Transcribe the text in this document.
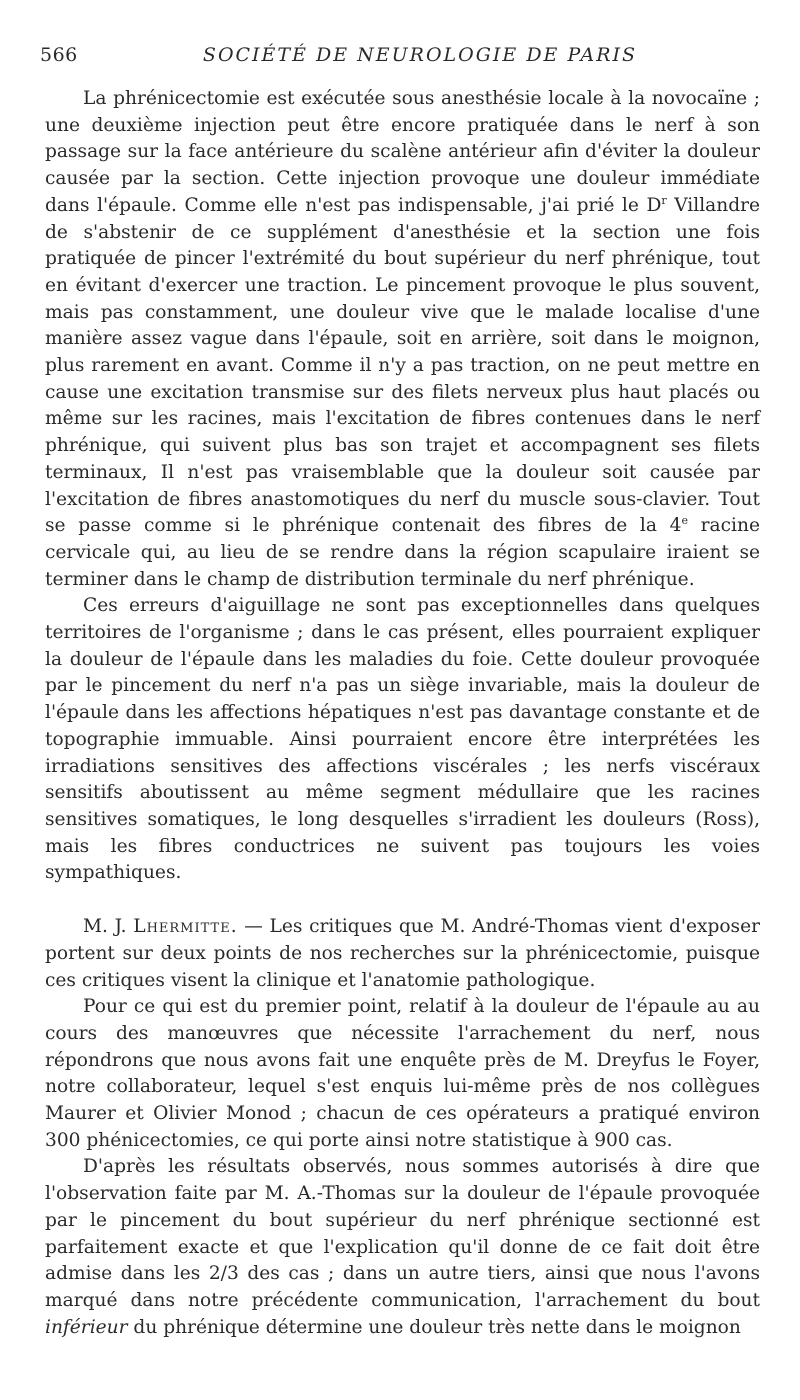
566	SOCIÉTÉ DE NEUROLOGIE DE PARIS

La phrénicectomie est exécutée sous anesthésie locale à la novocaïne ; une deuxième injection peut être encore pratiquée dans le nerf à son passage sur la face antérieure du scalène antérieur afin d'éviter la douleur causée par la section. Cette injection provoque une douleur immédiate dans l'épaule. Comme elle n'est pas indispensable, j'ai prié le $D^r$ Villandre de s'abstenir de ce supplément d'anesthésie et la section une fois pratiquée de pincer l'extrémité du bout supérieur du nerf phrénique, tout en évitant d'exercer une traction. Le pincement provoque le plus souvent, mais pas constamment, une douleur vive que le malade localise d'une manière assez vague dans l'épaule, soit en arrière, soit dans le moignon, plus rarement en avant. Comme il n'y a pas traction, on ne peut mettre en cause une excitation transmise sur des filets nerveux plus haut placés ou même sur les racines, mais l'excitation de fibres contenues dans le nerf phrénique, qui suivent plus bas son trajet et accompagnent ses filets terminaux, Il n'est pas vraisemblable que la douleur soit causée par l'excitation de fibres anastomotiques du nerf du muscle sous-clavier. Tout se passe comme si le phrénique contenait des fibres de la 4e racine cervicale qui, au lieu de se rendre dans la région scapulaire iraient se terminer dans le champ de distribution terminale du nerf phrénique.

Ces erreurs d'aiguillage ne sont pas exceptionnelles dans quelques territoires de l'organisme ; dans le cas présent, elles pourraient expliquer la douleur de l'épaule dans les maladies du foie. Cette douleur provoquée par le pincement du nerf n'a pas un siège invariable, mais la douleur de l'épaule dans les affections hépatiques n'est pas davantage constante et de topographie immuable. Ainsi pourraient encore être interprétées les irradiations sensitives des affections viscérales ; les nerfs viscéraux sensitifs aboutissent au même segment médullaire que les racines sensitives somatiques, le long desquelles s'irradient les douleurs (Ross), mais les fibres conductrices ne suivent pas toujours les voies sympathiques.

M. J. Lhermitte. — Les critiques que M. André-Thomas vient d'exposer portent sur deux points de nos recherches sur la phrénicectomie, puisque ces critiques visent la clinique et l'anatomie pathologique.

Pour ce qui est du premier point, relatif à la douleur de l'épaule au au cours des manœuvres que nécessite l'arrachement du nerf, nous répondrons que nous avons fait une enquête près de M. Dreyfus le Foyer, notre collaborateur, lequel s'est enquis lui-même près de nos collègues Maurer et Olivier Monod ; chacun de ces opérateurs a pratiqué environ 300 phénicectomies, ce qui porte ainsi notre statistique à 900 cas.

D'après les résultats observés, nous sommes autorisés à dire que l'observation faite par M. A.-Thomas sur la douleur de l'épaule provoquée par le pincement du bout supérieur du nerf phrénique sectionné est parfaitement exacte et que l'explication qu'il donne de ce fait doit être admise dans les 2/3 des cas ; dans un autre tiers, ainsi que nous l'avons marqué dans notre précédente communication, l'arrachement du bout inférieur du phrénique détermine une douleur très nette dans le moignon
